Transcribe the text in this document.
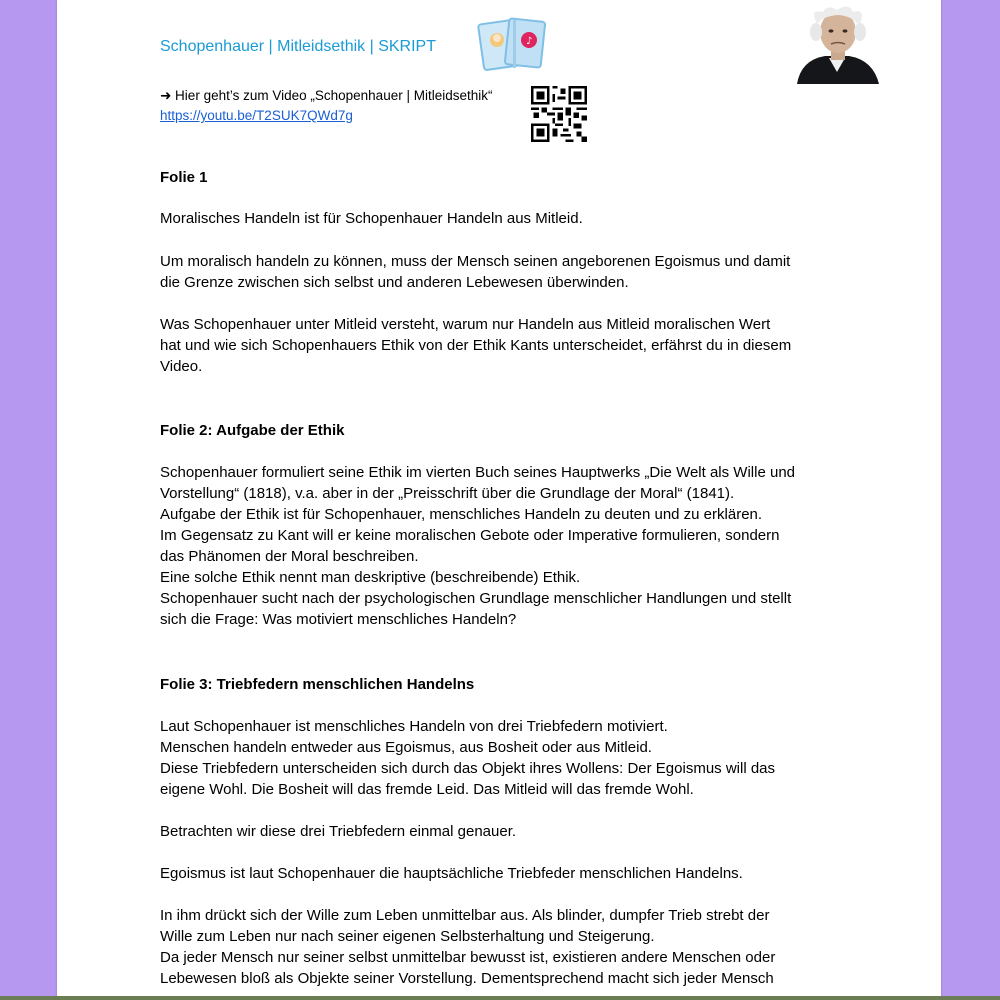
Schopenhauer | Mitleidsethik | SKRIPT	♪
➜ Hier geht’s zum Video „Schopenhauer | Mitleidsethik“
https://youtu.be/T2SUK7QWd7g

Folie 1

Moralisches Handeln ist für Schopenhauer Handeln aus Mitleid.

Um moralisch handeln zu können, muss der Mensch seinen angeborenen Egoismus und damit

die Grenze zwischen sich selbst und anderen Lebewesen überwinden.

Was Schopenhauer unter Mitleid versteht, warum nur Handeln aus Mitleid moralischen Wert

hat und wie sich Schopenhauers Ethik von der Ethik Kants unterscheidet, erfährst du in diesem

Video.

Folie 2: Aufgabe der Ethik

Schopenhauer formuliert seine Ethik im vierten Buch seines Hauptwerks „Die Welt als Wille und

Vorstellung“ (1818), v.a. aber in der „Preisschrift über die Grundlage der Moral“ (1841).

Aufgabe der Ethik ist für Schopenhauer, menschliches Handeln zu deuten und zu erklären.

Im Gegensatz zu Kant will er keine moralischen Gebote oder Imperative formulieren, sondern

das Phänomen der Moral beschreiben.

Eine solche Ethik nennt man deskriptive (beschreibende) Ethik.

Schopenhauer sucht nach der psychologischen Grundlage menschlicher Handlungen und stellt

sich die Frage: Was motiviert menschliches Handeln?

Folie 3: Triebfedern menschlichen Handelns

Laut Schopenhauer ist menschliches Handeln von drei Triebfedern motiviert.

Menschen handeln entweder aus Egoismus, aus Bosheit oder aus Mitleid.

Diese Triebfedern unterscheiden sich durch das Objekt ihres Wollens: Der Egoismus will das

eigene Wohl. Die Bosheit will das fremde Leid. Das Mitleid will das fremde Wohl.

Betrachten wir diese drei Triebfedern einmal genauer.

Egoismus ist laut Schopenhauer die hauptsächliche Triebfeder menschlichen Handelns.

In ihm drückt sich der Wille zum Leben unmittelbar aus. Als blinder, dumpfer Trieb strebt der

Wille zum Leben nur nach seiner eigenen Selbsterhaltung und Steigerung.

Da jeder Mensch nur seiner selbst unmittelbar bewusst ist, existieren andere Menschen oder

Lebewesen bloß als Objekte seiner Vorstellung. Dementsprechend macht sich jeder Mensch
